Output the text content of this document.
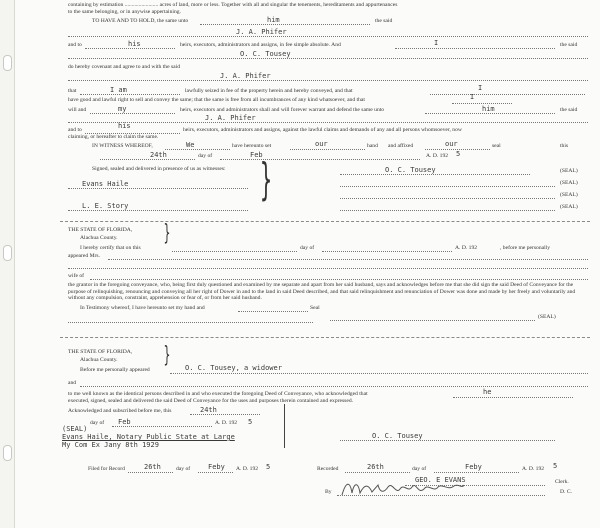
containing by estimation ........................ acres of land, more or less. Together with all and singular the tenements, hereditaments and appurtenances
to the same belonging, or in anywise appertaining.
TO HAVE AND TO HOLD, the same unto	him	the said
J. A. Phifer
and to	his	heirs, executors, administrators and assigns, in fee simple absolute. And	I	the said
O. C. Tousey
do hereby covenant and agree to and with the said
J. A. Phifer
that	I am	lawfully seized in fee of the property herein and hereby conveyed, and that	I
have good and lawful right to sell and convey the same; that the same is free from all incumbrances of any kind whatsoever, and that	I
will and	my	heirs, executors and administrators shall and will forever warrant and defend the same unto	him	the said
J. A. Phifer
and to	his	heirs, executors, administrators and assigns, against the lawful claims and demands of any and all persons whomsoever, now
claiming, or hereafter to claim the same.
IN WITNESS WHEREOF,	We	have hereunto set	our	hand and affixed	our	seal	this
24th	day of	Feb	A. D. 192 5
Signed, sealed and delivered in presence of us as witnesses: }
Evans Haile
L. E. Story
O. C. Tousey	(SEAL)
(SEAL)
(SEAL)
(SEAL)
THE STATE OF FLORIDA, }
Alachua County.
I hereby certify that on this	day of	A. D. 192	, before me personally
appeared Mrs.
wife of
the grantor in the foregoing conveyance, who, being first duly questioned and examined by me separate and apart from her said husband, says and acknowledges before me that she did sign the said Deed of Conveyance for the purpose of relinquishing, renouncing and conveying all her right of Dower in and to the land in said Deed described, and that said relinquishment and renunciation of Dower was done and made by her freely and voluntarily and without any compulsion, constraint, apprehension or fear of, or from her said husband.
In Testimony whereof, I have hereunto set my hand and	Seal
(SEAL)
THE STATE OF FLORIDA, }
Alachua County.
Before me personally appeared	O. C. Tousey, a widower
and
to me well known as the identical persons described in and who executed the foregoing Deed of Conveyance, who acknowledged that	he
executed, signed, sealed and delivered the said Deed of Conveyance for the uses and purposes therein contained and expressed.
Acknowledged and subscribed before me, this	24th
day of Feb	A. D. 192 5
(SEAL)
Evans Haile, Notary Public State at Large
My Com Ex Jany 8th 1929
O. C. Tousey
Filed for Record	26th	day of	Feby A. D. 192 5	Recorded	26th	day of	Feby	A. D. 192 5
GEO. E EVANS	Clerk.
By	D. C.
